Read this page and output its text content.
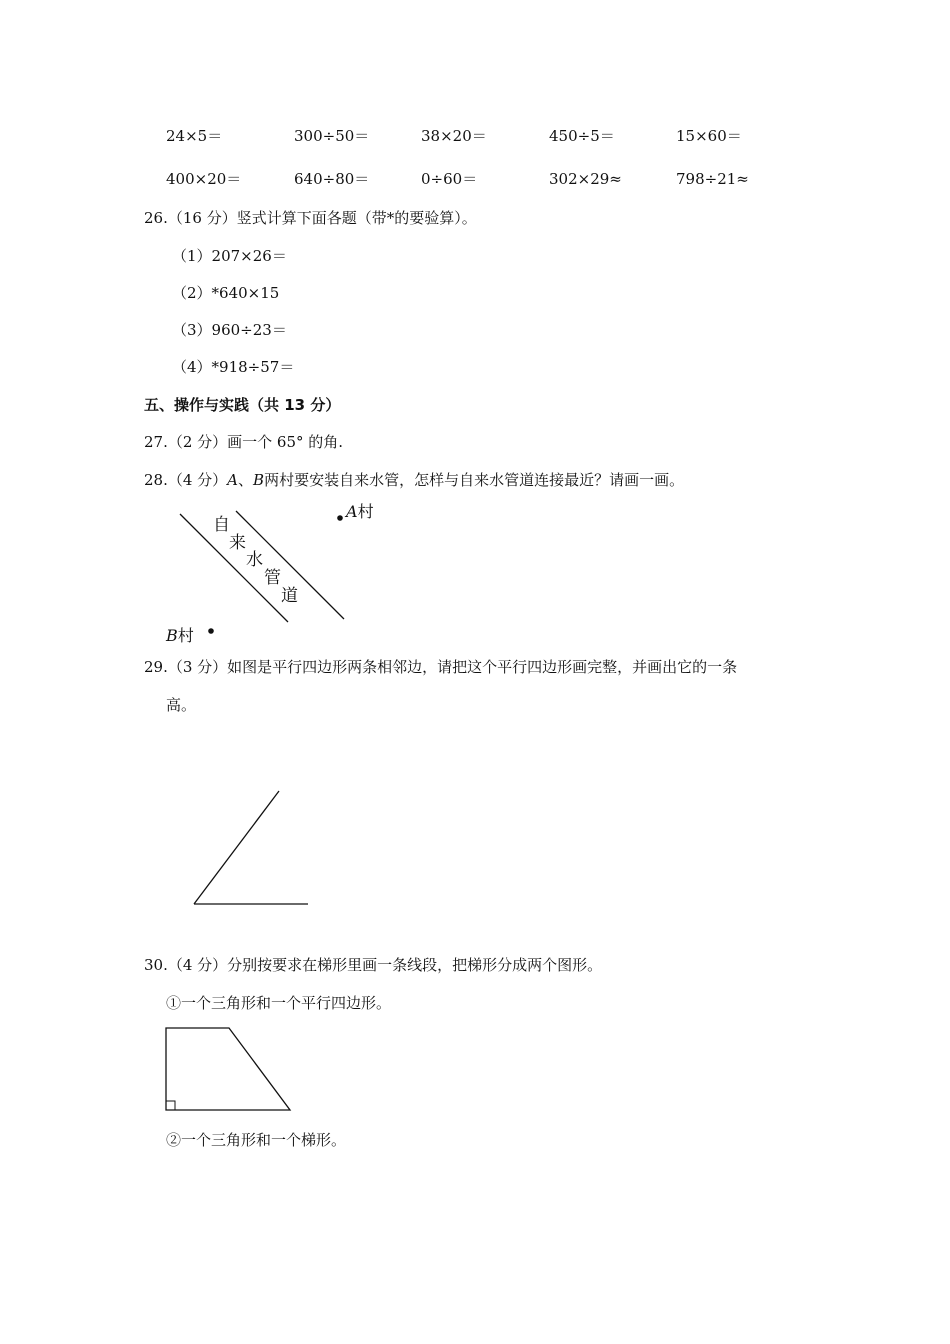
24×5＝	300÷50＝	38×20＝	450÷5＝	15×60＝
400×20＝	640÷80＝	0÷60＝	302×29≈	798÷21≈
26.（16 分）竖式计算下面各题（带*的要验算）。
（1）207×26＝
（2）*640×15
（3）960÷23＝
（4）*918÷57＝
五、操作与实践（共 13 分）
27.（2 分）画一个 65° 的角.
28.（4 分）A、B两村要安装自来水管，怎样与自来水管道连接最近？请画一画。
自
来
水
管
道
A村
B村
29.（3 分）如图是平行四边形两条相邻边，请把这个平行四边形画完整，并画出它的一条
高。
30.（4 分）分别按要求在梯形里画一条线段，把梯形分成两个图形。
①一个三角形和一个平行四边形。
②一个三角形和一个梯形。
